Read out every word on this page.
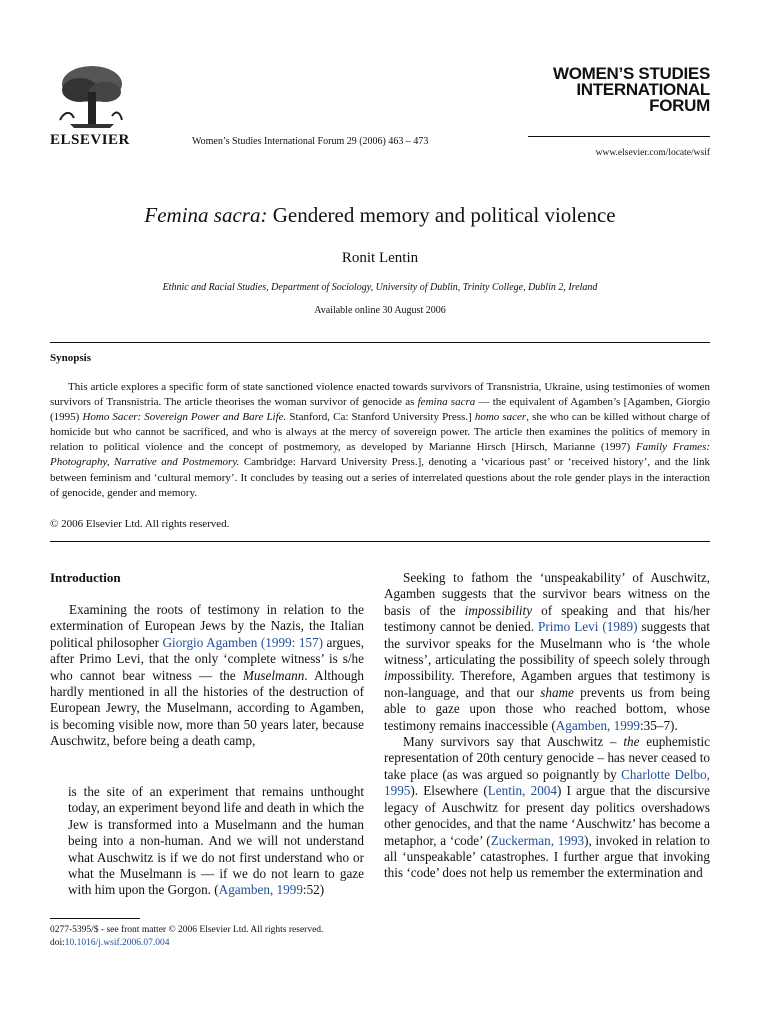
ELSEVIER	Women’s Studies International Forum 29 (2006) 463 – 473
WOMEN’S STUDIES
INTERNATIONAL
FORUM
www.elsevier.com/locate/wsif
Femina sacra: Gendered memory and political violence
Ronit Lentin
Ethnic and Racial Studies, Department of Sociology, University of Dublin, Trinity College, Dublin 2, Ireland
Available online 30 August 2006
Synopsis

This article explores a specific form of state sanctioned violence enacted towards survivors of Transnistria, Ukraine, using testimonies of women survivors of Transnistria. The article theorises the woman survivor of genocide as femina sacra — the equivalent of Agamben’s [Agamben, Giorgio (1995) Homo Sacer: Sovereign Power and Bare Life. Stanford, Ca: Stanford University Press.] homo sacer, she who can be killed without charge of homicide but who cannot be sacrificed, and who is always at the mercy of sovereign power. The article then examines the politics of memory in relation to political violence and the concept of postmemory, as developed by Marianne Hirsch [Hirsch, Marianne (1997) Family Frames: Photography, Narrative and Postmemory. Cambridge: Harvard University Press.], denoting a ‘vicarious past’ or ‘received history’, and the link between feminism and ‘cultural memory’. It concludes by teasing out a series of interrelated questions about the role gender plays in the interaction of genocide, gender and memory.

© 2006 Elsevier Ltd. All rights reserved.
Introduction

Examining the roots of testimony in relation to the extermination of European Jews by the Nazis, the Italian political philosopher Giorgio Agamben (1999: 157) argues, after Primo Levi, that the only ‘complete witness’ is s/he who cannot bear witness — the Muselmann. Although hardly mentioned in all the histories of the destruction of European Jewry, the Muselmann, according to Agamben, is becoming visible now, more than 50 years later, because Auschwitz, before being a death camp,

is the site of an experiment that remains unthought today, an experiment beyond life and death in which the Jew is transformed into a Muselmann and the human being into a non-human. And we will not understand what Auschwitz is if we do not first understand who or what the Muselmann is — if we do not learn to gaze with him upon the Gorgon. (Agamben, 1999:52)

Seeking to fathom the ‘unspeakability’ of Auschwitz, Agamben suggests that the survivor bears witness on the basis of the impossibility of speaking and that his/her testimony cannot be denied. Primo Levi (1989) suggests that the survivor speaks for the Muselmann who is ‘the whole witness’, articulating the possibility of speech solely through impossibility. Therefore, Agamben argues that testimony is non-language, and that our shame prevents us from being able to gaze upon those who reached bottom, whose testimony remains inaccessible (Agamben, 1999:35–7).

Many survivors say that Auschwitz – the euphemistic representation of 20th century genocide – has never ceased to take place (as was argued so poignantly by Charlotte Delbo, 1995). Elsewhere (Lentin, 2004) I argue that the discursive legacy of Auschwitz for present day politics overshadows other genocides, and that the name ‘Auschwitz’ has become a metaphor, a ‘code’ (Zuckerman, 1993), invoked in relation to all ‘unspeakable’ catastrophes. I further argue that invoking this ‘code’ does not help us remember the extermination and

0277-5395/$ - see front matter © 2006 Elsevier Ltd. All rights reserved.
doi:10.1016/j.wsif.2006.07.004
